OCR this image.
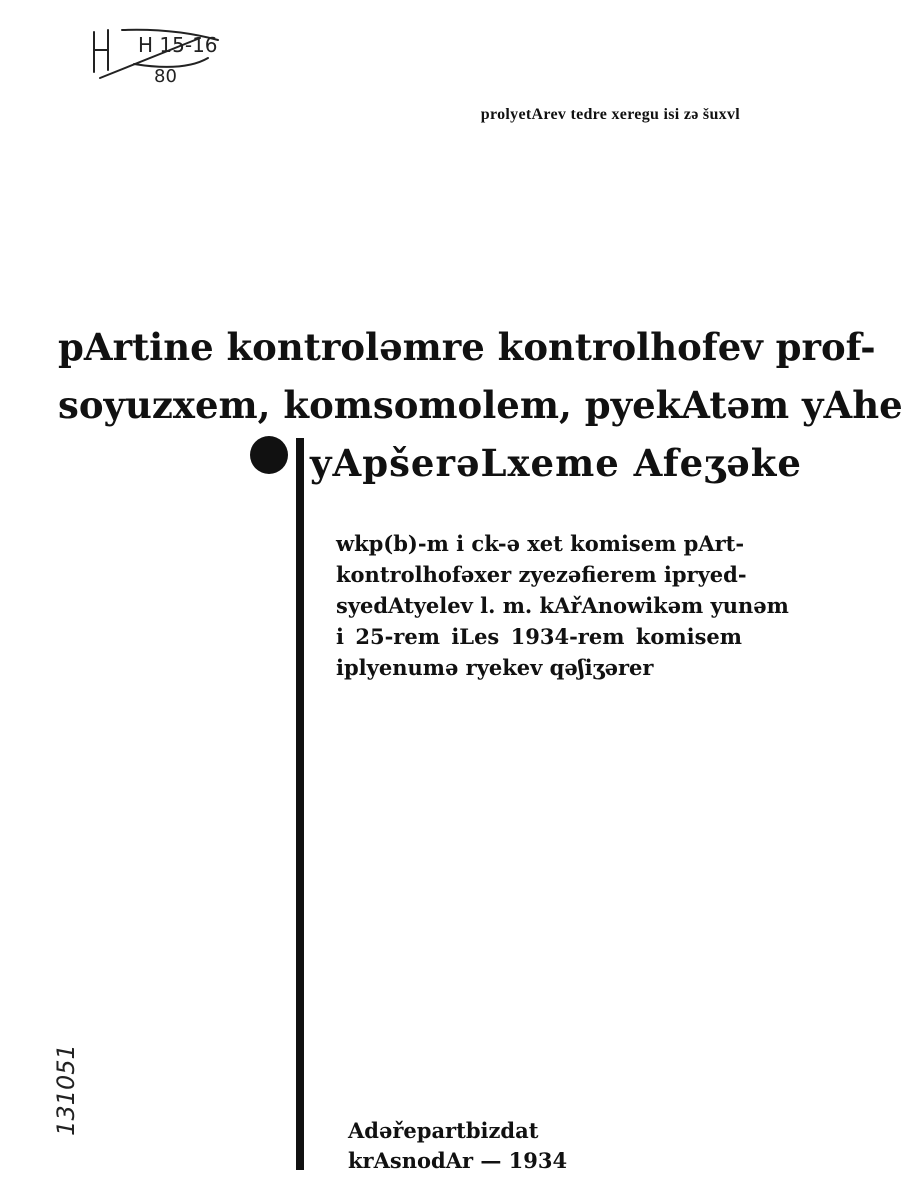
H 15-16
80
prolyetArev tedre xeregu isi zə šuxvl
pArtine kontroləmre kontrolhofev prof-
soyuzxem, komsomolem, pyekAtəm yAhe
yApšerəLxeme Afeʒəke
wkp(b)-m i ck-ə xet komisem pArt-
kontrolhofəxer zyezəfierem ipryed-
syedAtyelev l. m. kAřAnowikəm yunəm
i 25-rem iLes 1934-rem komisem
iplyenumə ryekev qəʃiʒərer
131051	Adəřepartbizdat
krAsnodAr — 1934
